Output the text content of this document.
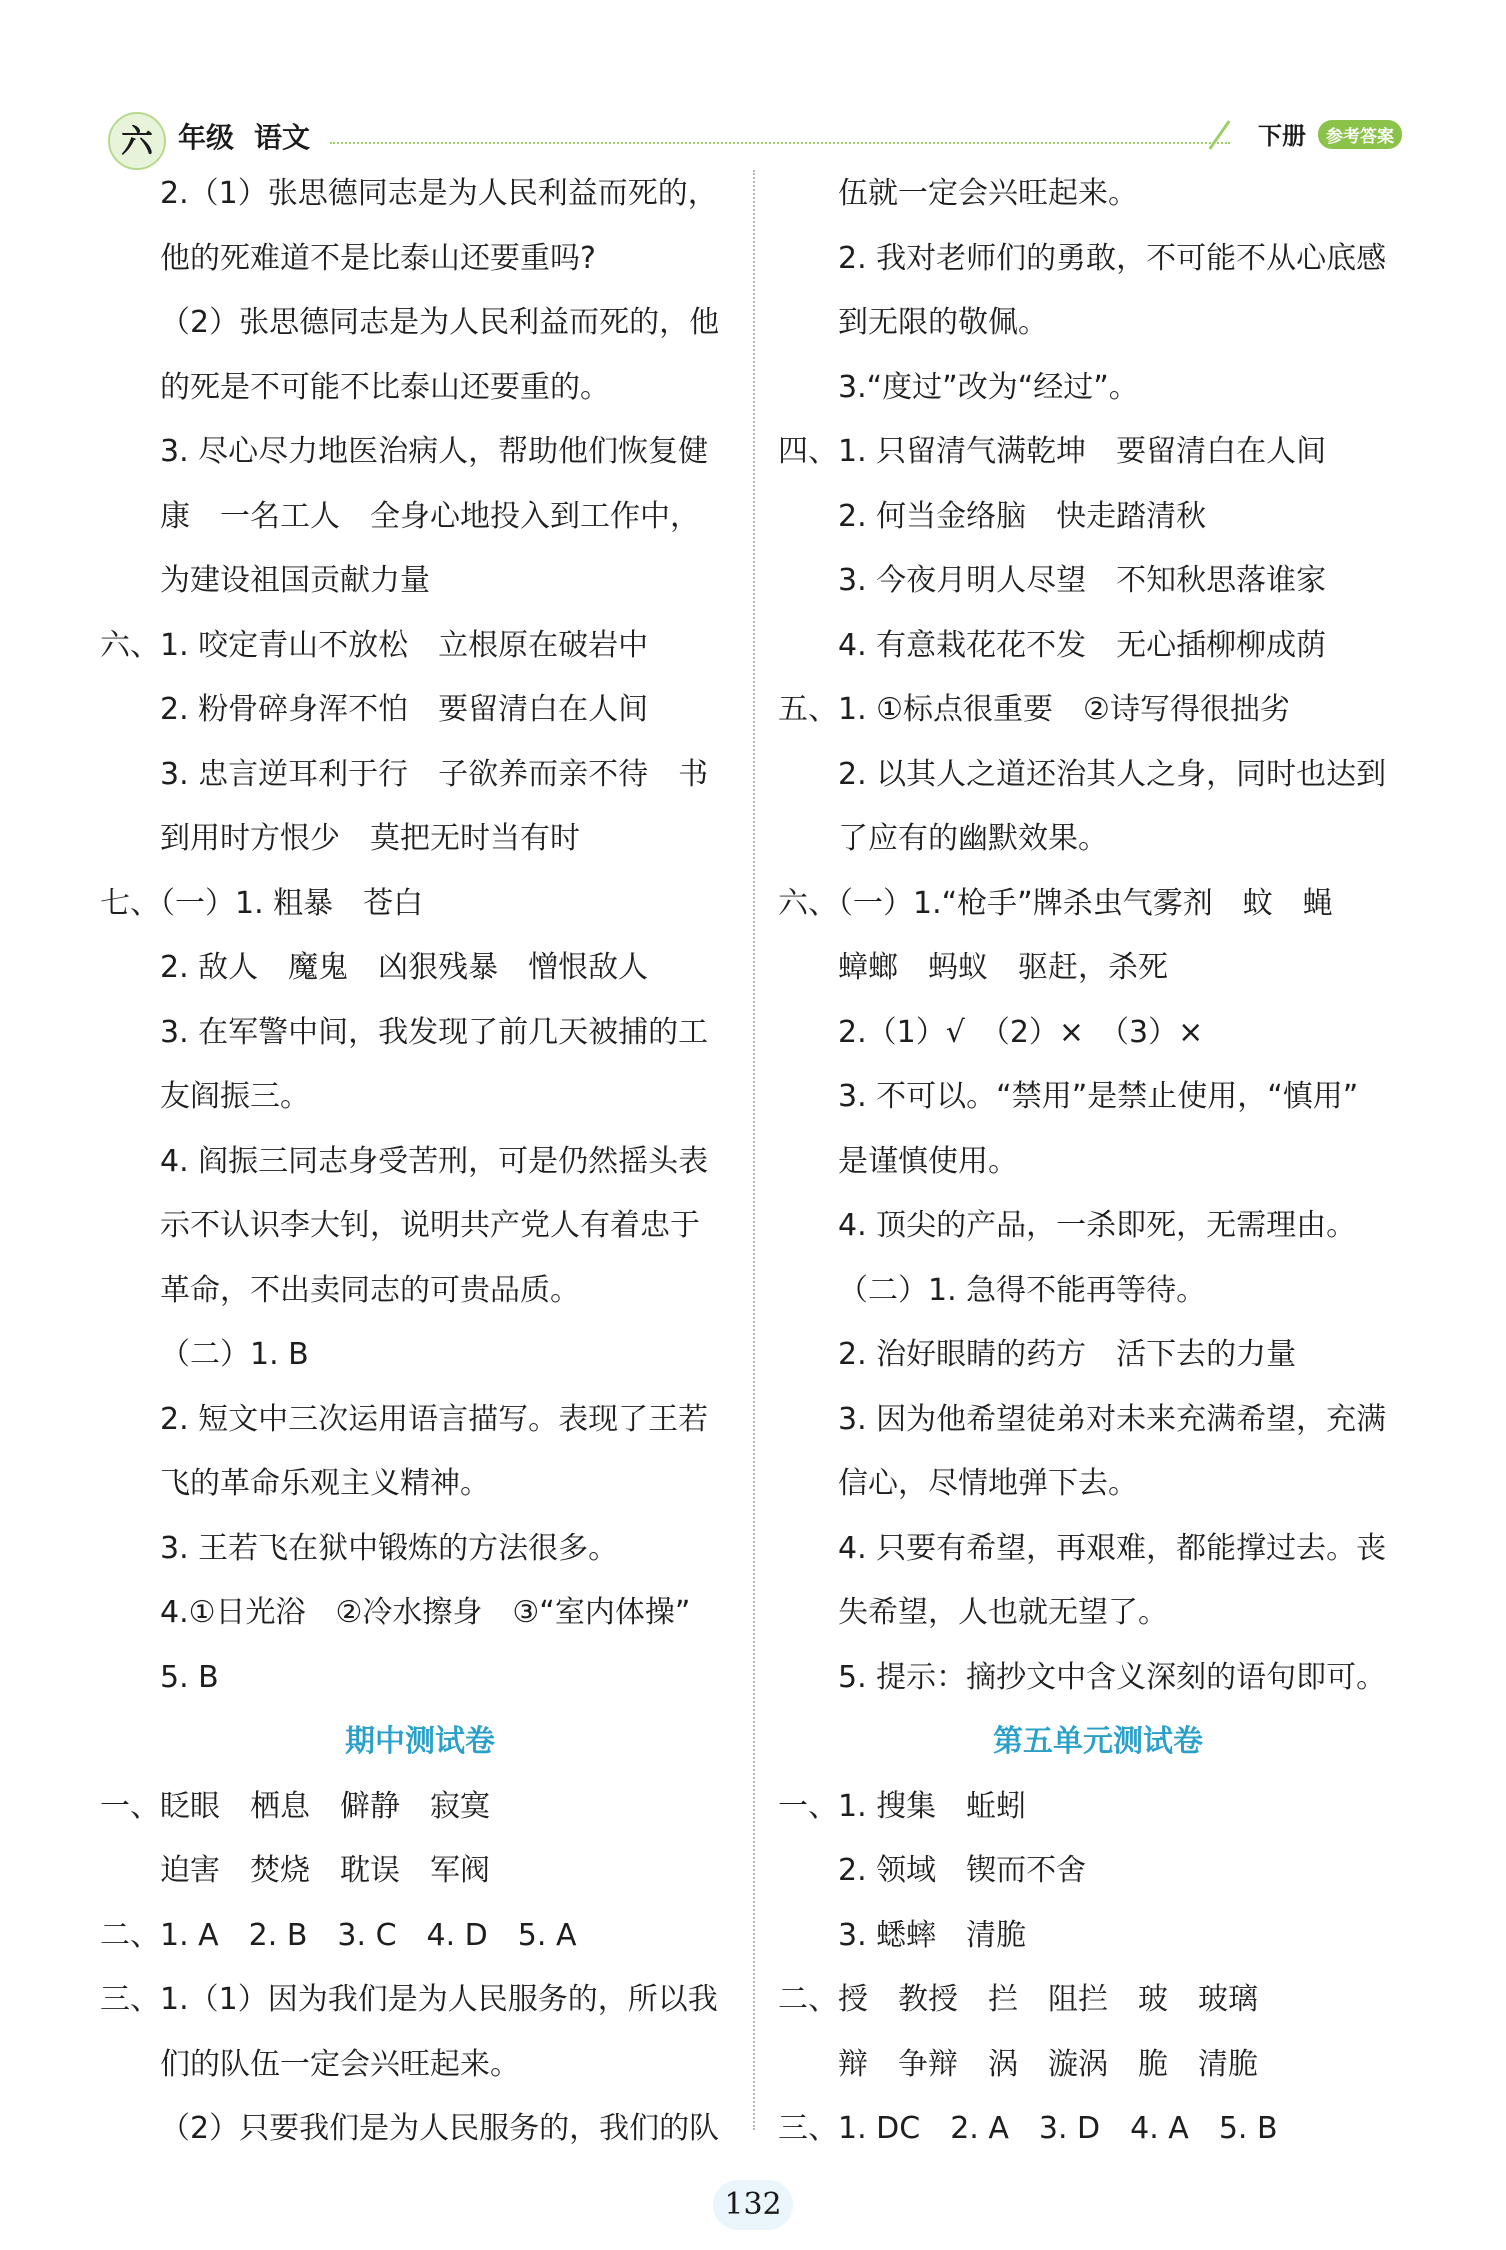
六 年级 语文	下册	参考答案
2.（1）张思德同志是为人民利益而死的，
他的死难道不是比泰山还要重吗?
（2）张思德同志是为人民利益而死的，他
的死是不可能不比泰山还要重的。
3. 尽心尽力地医治病人，帮助他们恢复健
康　一名工人　全身心地投入到工作中，
为建设祖国贡献力量
六、1. 咬定青山不放松　立根原在破岩中
2. 粉骨碎身浑不怕　要留清白在人间
3. 忠言逆耳利于行　子欲养而亲不待　书
到用时方恨少　莫把无时当有时
七、（一）1. 粗暴　苍白
2. 敌人　魔鬼　凶狠残暴　憎恨敌人
3. 在军警中间，我发现了前几天被捕的工
友阎振三。
4. 阎振三同志身受苦刑，可是仍然摇头表
示不认识李大钊，说明共产党人有着忠于
革命，不出卖同志的可贵品质。
（二）1. B
2. 短文中三次运用语言描写。表现了王若
飞的革命乐观主义精神。
3. 王若飞在狱中锻炼的方法很多。
4.①日光浴　②冷水擦身　③“室内体操”
5. B
期中测试卷
一、眨眼　栖息　僻静　寂寞
迫害　焚烧　耽误　军阀
二、1. A　2. B　3. C　4. D　5. A
三、1.（1）因为我们是为人民服务的，所以我
们的队伍一定会兴旺起来。
（2）只要我们是为人民服务的，我们的队
伍就一定会兴旺起来。
2. 我对老师们的勇敢，不可能不从心底感
到无限的敬佩。
3.“度过”改为“经过”。
四、1. 只留清气满乾坤　要留清白在人间
2. 何当金络脑　快走踏清秋
3. 今夜月明人尽望　不知秋思落谁家
4. 有意栽花花不发　无心插柳柳成荫
五、1. ①标点很重要　②诗写得很拙劣
2. 以其人之道还治其人之身，同时也达到
了应有的幽默效果。
六、（一）1.“枪手”牌杀虫气雾剂　蚊　蝇
蟑螂　蚂蚁　驱赶，杀死
2.（1）√　（2）×　（3）×
3. 不可以。“禁用”是禁止使用，“慎用”
是谨慎使用。
4. 顶尖的产品，一杀即死，无需理由。
（二）1. 急得不能再等待。
2. 治好眼睛的药方　活下去的力量
3. 因为他希望徒弟对未来充满希望，充满
信心，尽情地弹下去。
4. 只要有希望，再艰难，都能撑过去。丧
失希望，人也就无望了。
5. 提示：摘抄文中含义深刻的语句即可。
第五单元测试卷
一、1. 搜集　蚯蚓
2. 领域　锲而不舍
3. 蟋蟀　清脆
二、授　教授　拦　阻拦　玻　玻璃
辩　争辩　涡　漩涡　脆　清脆
三、1. DC　2. A　3. D　4. A　5. B
132
